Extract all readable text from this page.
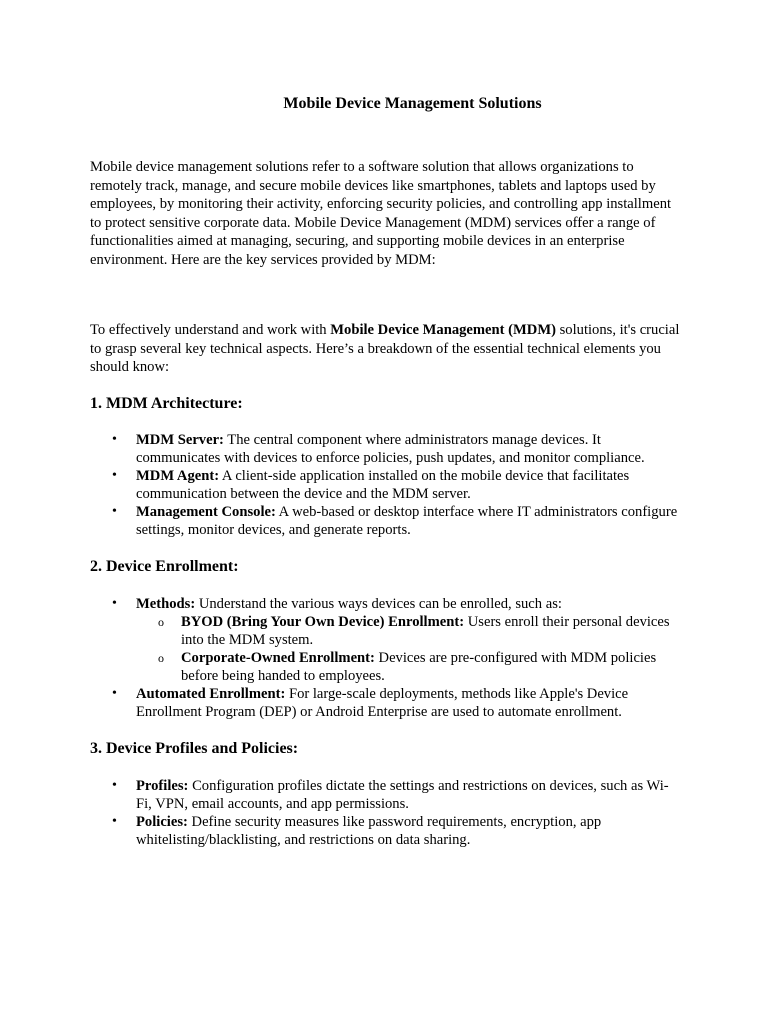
Mobile Device Management Solutions

Mobile device management solutions refer to a software solution that allows organizations to remotely track, manage, and secure mobile devices like smartphones, tablets and laptops used by employees, by monitoring their activity, enforcing security policies, and controlling app installment to protect sensitive corporate data. Mobile Device Management (MDM) services offer a range of functionalities aimed at managing, securing, and supporting mobile devices in an enterprise environment. Here are the key services provided by MDM:

To effectively understand and work with Mobile Device Management (MDM) solutions, it's crucial to grasp several key technical aspects. Here’s a breakdown of the essential technical elements you should know:

1. MDM Architecture:
• MDM Server: The central component where administrators manage devices. It communicates with devices to enforce policies, push updates, and monitor compliance.
• MDM Agent: A client-side application installed on the mobile device that facilitates communication between the device and the MDM server.
• Management Console: A web-based or desktop interface where IT administrators configure settings, monitor devices, and generate reports.
2. Device Enrollment:
• Methods: Understand the various ways devices can be enrolled, such as:
o BYOD (Bring Your Own Device) Enrollment: Users enroll their personal devices into the MDM system.
o Corporate-Owned Enrollment: Devices are pre-configured with MDM policies before being handed to employees.
• Automated Enrollment: For large-scale deployments, methods like Apple's Device Enrollment Program (DEP) or Android Enterprise are used to automate enrollment.
3. Device Profiles and Policies:
• Profiles: Configuration profiles dictate the settings and restrictions on devices, such as Wi-Fi, VPN, email accounts, and app permissions.
• Policies: Define security measures like password requirements, encryption, app whitelisting/blacklisting, and restrictions on data sharing.
